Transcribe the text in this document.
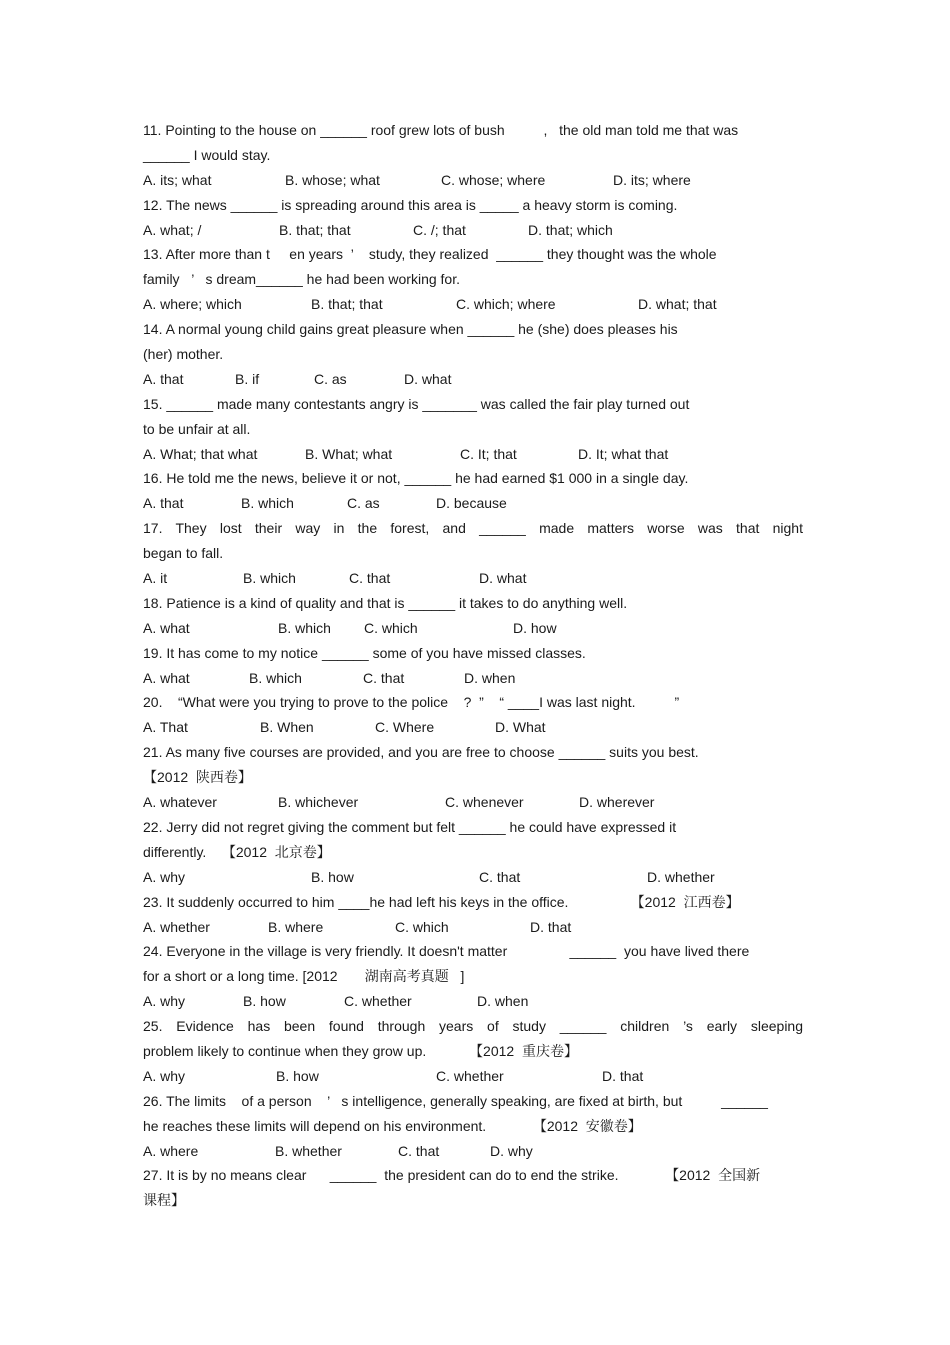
11. Pointing to the house on ______ roof grew lots of bush          ,   the old man told me that was
______ I would stay.

A. its; what

	B. whose; what

	C. whose; where

	D. its; where

12. The news ______ is spreading around this area is _____ a heavy storm is coming.

A. what; /

	B. that; that

	C. /; that

	D. that; which

13. After more than t     en years  ’    study, they realized  ______ they thought was the whole
family   ’   s dream______ he had been working for.

A. where; which

	B. that; that

	C. which; where

	D. what; that

14. A normal young child gains great pleasure when ______ he (she) does pleases his
(her) mother.

A. that

	B. if

	C. as

	D. what

15. ______ made many contestants angry is _______ was called the fair play turned out
to be unfair at all.

A. What; that what

	B. What; what

	C. It; that

	D. It; what that

16. He told me the news, believe it or not, ______ he had earned $1 000 in a single day.

A. that

	B. which

	C. as

	D. because

17. They lost their way in the forest, and ______ made matters worse was that night
began to fall.

A. it

	B. which

	C. that

	D. what

18. Patience is a kind of quality and that is ______ it takes to do anything well.

A. what

	B. which

C. which

	D. how

19. It has come to my notice ______ some of you have missed classes.

A. what

	B. which

	C. that

	D. when

20.    “What were you trying to prove to the police    ?  ”    “ ____I was last night.          ”

A. That

	B. When

	C. Where

	D. What

21. As many five courses are provided, and you are free to choose ______ suits you best.
【2012  陕西卷】

A. whatever

	B. whichever

	C. whenever

	D. wherever

22. Jerry did not regret giving the comment but felt ______ he could have expressed it
differently.    【2012  北京卷】

A. why

	B. how

	C. that

	D. whether

23. It suddenly occurred to him ____he had left his keys in the office.                【2012  江西卷】

A. whether

	B. where

	C. which

	D. that

24. Everyone in the village is very friendly. It doesn't matter                ______  you have lived there
for a short or a long time. [2012       湖南高考真题   ]

A. why

	B. how

	C. whether

	D. when

25. Evidence has been found through years of study ______ children ’s early sleeping
problem likely to continue when they grow up.           【2012  重庆卷】

A. why

	B. how

	C. whether

	D. that

26. The limits    of a person    ’   s intelligence, generally speaking, are fixed at birth, but          ______
he reaches these limits will depend on his environment.            【2012  安徽卷】

A. where

	B. whether

	C. that

	D. why

27. It is by no means clear      ______  the president can do to end the strike.            【2012  全国新
课程】
